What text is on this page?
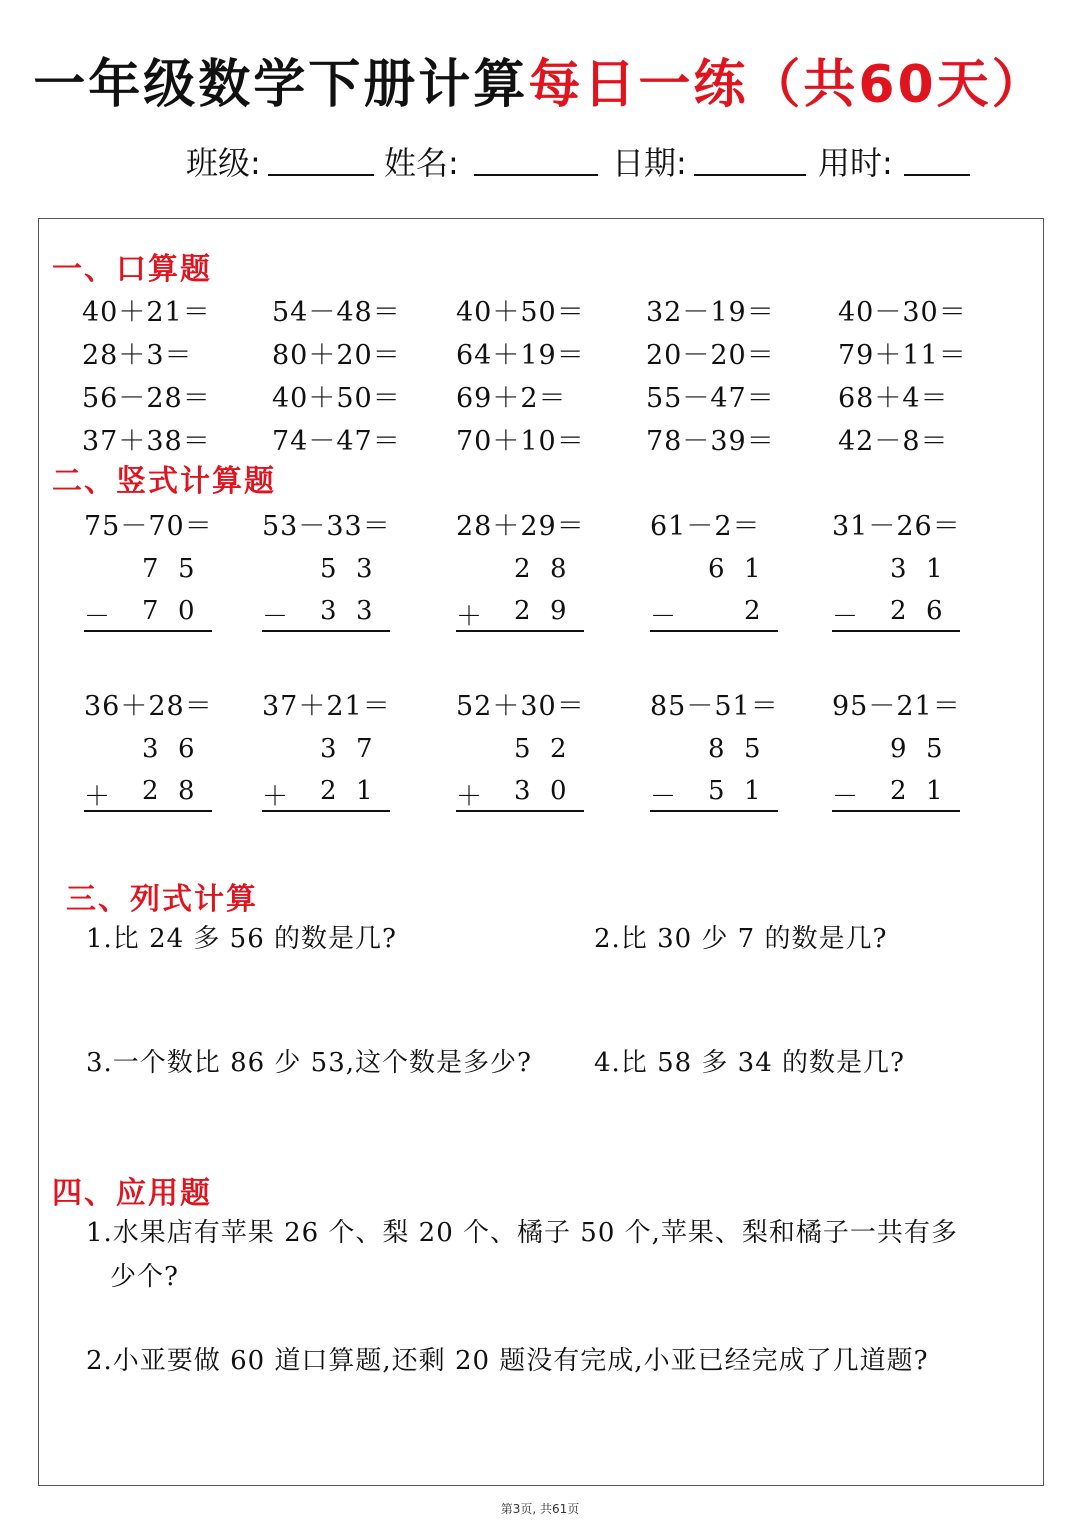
一年级数学下册计算每日一练（共60天）
班级:	姓名:	日期:	用时:
一、口算题
40＋21＝ 54－48＝ 40＋50＝ 32－19＝ 40－30＝
28＋3＝	80＋20＝ 64＋19＝ 20－20＝ 79＋11＝
56－28＝ 40＋50＝ 69＋2＝	55－47＝ 68＋4＝
37＋38＝ 74－47＝ 70＋10＝ 78－39＝ 42－8＝
二、竖式计算题
75－70＝
7 5
－ 7 0
53－33＝
5 3
－ 3 3
28＋29＝
2 8
＋ 2 9
61－2＝
6 1
－	2
31－26＝
3 1
－ 2 6
36＋28＝
3 6
＋ 2 8
37＋21＝
3 7
＋ 2 1
52＋30＝
5 2
＋ 3 0
85－51＝
8 5
－ 5 1
95－21＝
9 5
－ 2 1
三、列式计算
1.比 24 多 56 的数是几?	2.比 30 少 7 的数是几?
3.一个数比 86 少 53,这个数是多少? 4.比 58 多 34 的数是几?
四、应用题
1.水果店有苹果 26 个、梨 20 个、橘子 50 个,苹果、梨和橘子一共有多
少个?
2.小亚要做 60 道口算题,还剩 20 题没有完成,小亚已经完成了几道题?
第3页, 共61页
